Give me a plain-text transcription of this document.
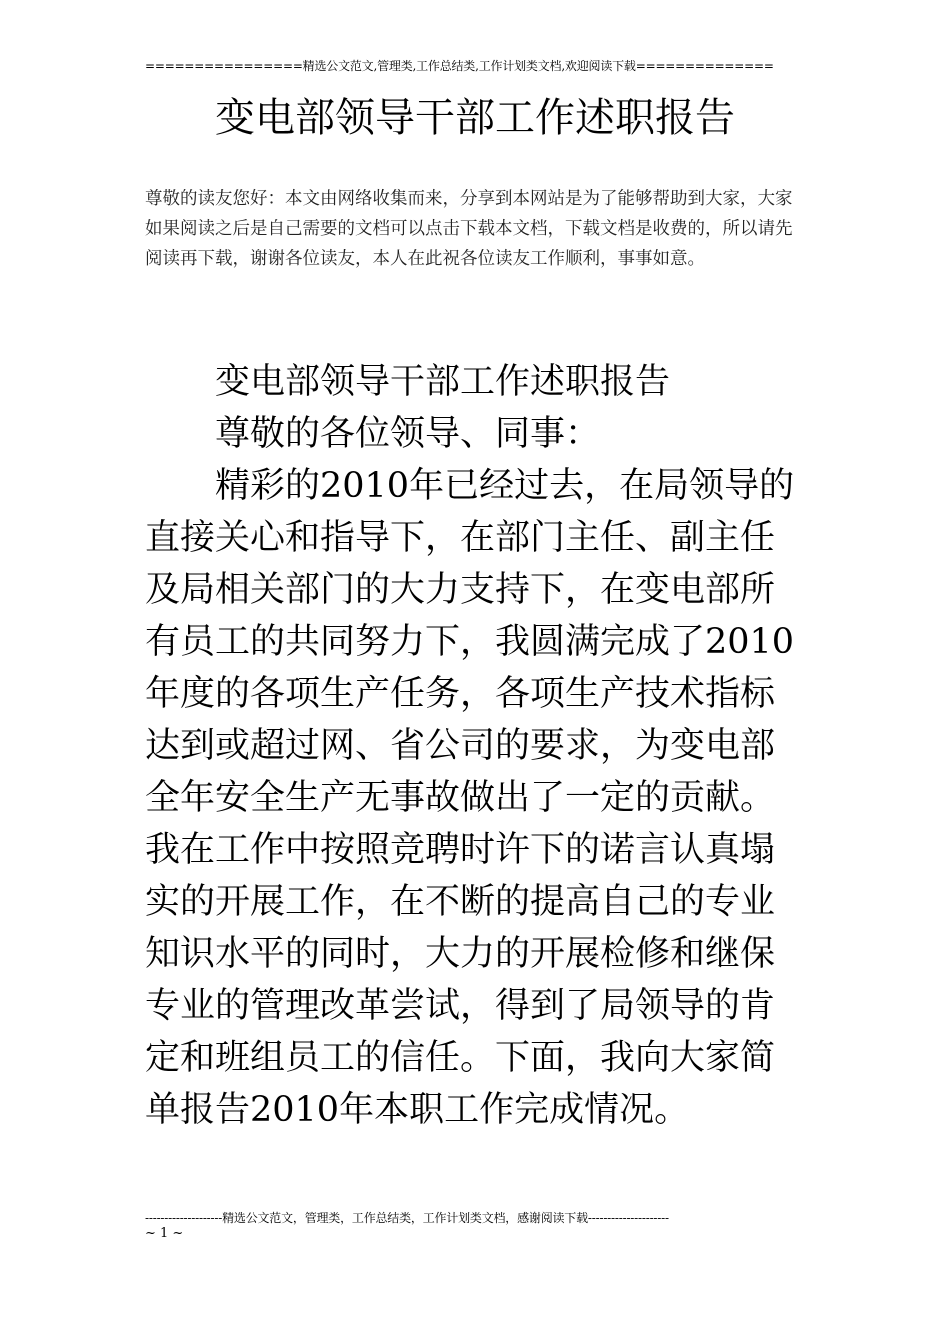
================精选公文范文,管理类,工作总结类,工作计划类文档,欢迎阅读下载==============
变电部领导干部工作述职报告
尊敬的读友您好：本文由网络收集而来，分享到本网站是为了能够帮助到大家，大家如果阅读之后是自己需要的文档可以点击下载本文档，下载文档是收费的，所以请先阅读再下载，谢谢各位读友，本人在此祝各位读友工作顺利，事事如意。

变电部领导干部工作述职报告

尊敬的各位领导、同事：

精彩的2010年已经过去，在局领导的直接关心和指导下，在部门主任、副主任及局相关部门的大力支持下，在变电部所有员工的共同努力下，我圆满完成了2010年度的各项生产任务，各项生产技术指标达到或超过网、省公司的要求，为变电部全年安全生产无事故做出了一定的贡献。我在工作中按照竞聘时许下的诺言认真塌实的开展工作，在不断的提高自己的专业知识水平的同时，大力的开展检修和继保专业的管理改革尝试，得到了局领导的肯定和班组员工的信任。下面，我向大家简单报告2010年本职工作完成情况。

--------------------精选公文范文，管理类，工作总结类，工作计划类文档，感谢阅读下载---------------------
~ 1 ~
